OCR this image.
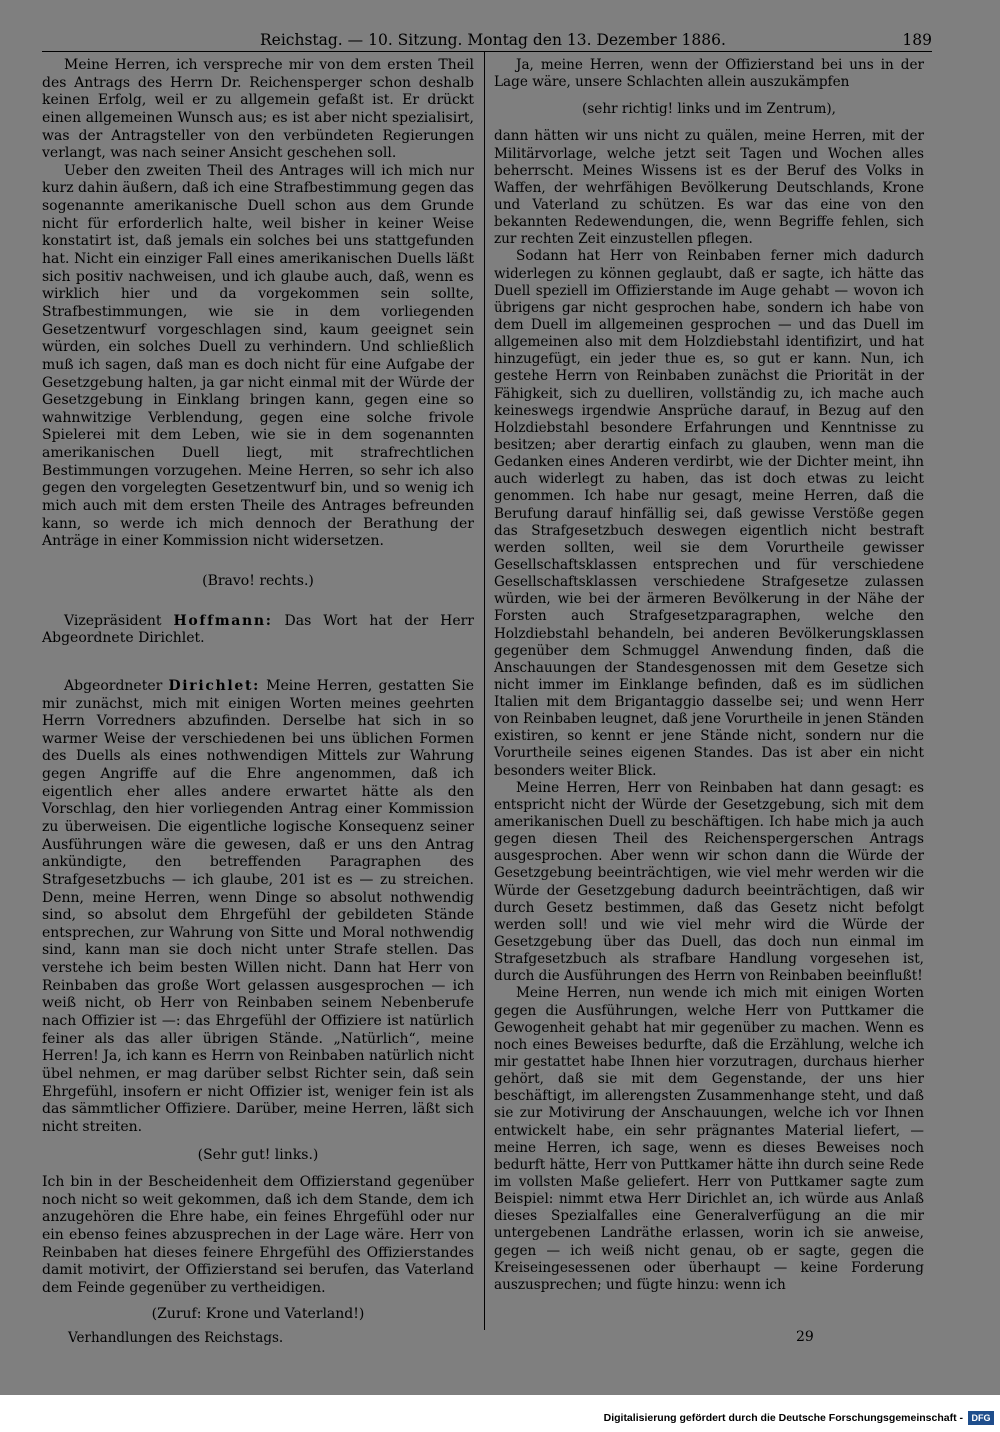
Reichstag. — 10. Sitzung. Montag den 13. Dezember 1886.	189

Meine Herren, ich verspreche mir von dem ersten Theil des Antrags des Herrn Dr. Reichensperger schon deshalb keinen Erfolg, weil er zu allgemein gefaßt ist. Er drückt einen allgemeinen Wunsch aus; es ist aber nicht spezialisirt, was der Antragsteller von den verbündeten Regierungen verlangt, was nach seiner Ansicht geschehen soll.

Ueber den zweiten Theil des Antrages will ich mich nur kurz dahin äußern, daß ich eine Strafbestimmung gegen das sogenannte amerikanische Duell schon aus dem Grunde nicht für erforderlich halte, weil bisher in keiner Weise konstatirt ist, daß jemals ein solches bei uns stattgefunden hat. Nicht ein einziger Fall eines amerikanischen Duells läßt sich positiv nachweisen, und ich glaube auch, daß, wenn es wirklich hier und da vorgekommen sein sollte, Strafbestimmungen, wie sie in dem vorliegenden Gesetzentwurf vorgeschlagen sind, kaum geeignet sein würden, ein solches Duell zu verhindern. Und schließlich muß ich sagen, daß man es doch nicht für eine Aufgabe der Gesetzgebung halten, ja gar nicht einmal mit der Würde der Gesetzgebung in Einklang bringen kann, gegen eine so wahnwitzige Verblendung, gegen eine solche frivole Spielerei mit dem Leben, wie sie in dem sogenannten amerikanischen Duell liegt, mit strafrechtlichen Bestimmungen vorzugehen. Meine Herren, so sehr ich also gegen den vorgelegten Gesetzentwurf bin, und so wenig ich mich auch mit dem ersten Theile des Antrages befreunden kann, so werde ich mich dennoch der Berathung der Anträge in einer Kommission nicht widersetzen.

(Bravo! rechts.)

Vizepräsident Hoffmann: Das Wort hat der Herr Abgeordnete Dirichlet.

Abgeordneter Dirichlet: Meine Herren, gestatten Sie mir zunächst, mich mit einigen Worten meines geehrten Herrn Vorredners abzufinden. Derselbe hat sich in so warmer Weise der verschiedenen bei uns üblichen Formen des Duells als eines nothwendigen Mittels zur Wahrung gegen Angriffe auf die Ehre angenommen, daß ich eigentlich eher alles andere erwartet hätte als den Vorschlag, den hier vorliegenden Antrag einer Kommission zu überweisen. Die eigentliche logische Konsequenz seiner Ausführungen wäre die gewesen, daß er uns den Antrag ankündigte, den betreffenden Paragraphen des Strafgesetzbuchs — ich glaube, 201 ist es — zu streichen. Denn, meine Herren, wenn Dinge so absolut nothwendig sind, so absolut dem Ehrgefühl der gebildeten Stände entsprechen, zur Wahrung von Sitte und Moral nothwendig sind, kann man sie doch nicht unter Strafe stellen. Das verstehe ich beim besten Willen nicht. Dann hat Herr von Reinbaben das große Wort gelassen ausgesprochen — ich weiß nicht, ob Herr von Reinbaben seinem Nebenberufe nach Offizier ist —: das Ehrgefühl der Offiziere ist natürlich feiner als das aller übrigen Stände. „Natürlich“, meine Herren! Ja, ich kann es Herrn von Reinbaben natürlich nicht übel nehmen, er mag darüber selbst Richter sein, daß sein Ehrgefühl, insofern er nicht Offizier ist, weniger fein ist als das sämmtlicher Offiziere. Darüber, meine Herren, läßt sich nicht streiten.

(Sehr gut! links.)

Ich bin in der Bescheidenheit dem Offizierstand gegenüber noch nicht so weit gekommen, daß ich dem Stande, dem ich anzugehören die Ehre habe, ein feines Ehrgefühl oder nur ein ebenso feines abzusprechen in der Lage wäre. Herr von Reinbaben hat dieses feinere Ehrgefühl des Offizierstandes damit motivirt, der Offizierstand sei berufen, das Vaterland dem Feinde gegenüber zu vertheidigen.

(Zuruf: Krone und Vaterland!)

Ja, meine Herren, wenn der Offizierstand bei uns in der Lage wäre, unsere Schlachten allein auszukämpfen

(sehr richtig! links und im Zentrum),

dann hätten wir uns nicht zu quälen, meine Herren, mit der Militärvorlage, welche jetzt seit Tagen und Wochen alles beherrscht. Meines Wissens ist es der Beruf des Volks in Waffen, der wehrfähigen Bevölkerung Deutschlands, Krone und Vaterland zu schützen. Es war das eine von den bekannten Redewendungen, die, wenn Begriffe fehlen, sich zur rechten Zeit einzustellen pflegen.

Sodann hat Herr von Reinbaben ferner mich dadurch widerlegen zu können geglaubt, daß er sagte, ich hätte das Duell speziell im Offizierstande im Auge gehabt — wovon ich übrigens gar nicht gesprochen habe, sondern ich habe von dem Duell im allgemeinen gesprochen — und das Duell im allgemeinen also mit dem Holzdiebstahl identifizirt, und hat hinzugefügt, ein jeder thue es, so gut er kann. Nun, ich gestehe Herrn von Reinbaben zunächst die Priorität in der Fähigkeit, sich zu duelliren, vollständig zu, ich mache auch keineswegs irgendwie Ansprüche darauf, in Bezug auf den Holzdiebstahl besondere Erfahrungen und Kenntnisse zu besitzen; aber derartig einfach zu glauben, wenn man die Gedanken eines Anderen verdirbt, wie der Dichter meint, ihn auch widerlegt zu haben, das ist doch etwas zu leicht genommen. Ich habe nur gesagt, meine Herren, daß die Berufung darauf hinfällig sei, daß gewisse Verstöße gegen das Strafgesetzbuch deswegen eigentlich nicht bestraft werden sollten, weil sie dem Vorurtheile gewisser Gesellschaftsklassen entsprechen und für verschiedene Gesellschaftsklassen verschiedene Strafgesetze zulassen würden, wie bei der ärmeren Bevölkerung in der Nähe der Forsten auch Strafgesetzparagraphen, welche den Holzdiebstahl behandeln, bei anderen Bevölkerungsklassen gegenüber dem Schmuggel Anwendung finden, daß die Anschauungen der Standesgenossen mit dem Gesetze sich nicht immer im Einklange befinden, daß es im südlichen Italien mit dem Brigantaggio dasselbe sei; und wenn Herr von Reinbaben leugnet, daß jene Vorurtheile in jenen Ständen existiren, so kennt er jene Stände nicht, sondern nur die Vorurtheile seines eigenen Standes. Das ist aber ein nicht besonders weiter Blick.

Meine Herren, Herr von Reinbaben hat dann gesagt: es entspricht nicht der Würde der Gesetzgebung, sich mit dem amerikanischen Duell zu beschäftigen. Ich habe mich ja auch gegen diesen Theil des Reichenspergerschen Antrags ausgesprochen. Aber wenn wir schon dann die Würde der Gesetzgebung beeinträchtigen, wie viel mehr werden wir die Würde der Gesetzgebung dadurch beeinträchtigen, daß wir durch Gesetz bestimmen, daß das Gesetz nicht befolgt werden soll! und wie viel mehr wird die Würde der Gesetzgebung über das Duell, das doch nun einmal im Strafgesetzbuch als strafbare Handlung vorgesehen ist, durch die Ausführungen des Herrn von Reinbaben beeinflußt!

Meine Herren, nun wende ich mich mit einigen Worten gegen die Ausführungen, welche Herr von Puttkamer die Gewogenheit gehabt hat mir gegenüber zu machen. Wenn es noch eines Beweises bedurfte, daß die Erzählung, welche ich mir gestattet habe Ihnen hier vorzutragen, durchaus hierher gehört, daß sie mit dem Gegenstande, der uns hier beschäftigt, im allerengsten Zusammenhange steht, und daß sie zur Motivirung der Anschauungen, welche ich vor Ihnen entwickelt habe, ein sehr prägnantes Material liefert, — meine Herren, ich sage, wenn es dieses Beweises noch bedurft hätte, Herr von Puttkamer hätte ihn durch seine Rede im vollsten Maße geliefert. Herr von Puttkamer sagte zum Beispiel: nimmt etwa Herr Dirichlet an, ich würde aus Anlaß dieses Spezialfalles eine Generalverfügung an die mir untergebenen Landräthe erlassen, worin ich sie anweise, gegen — ich weiß nicht genau, ob er sagte, gegen die Kreiseingesessenen oder überhaupt — keine Forderung auszusprechen; und fügte hinzu: wenn ich

Verhandlungen des Reichstags.	29
Digitalisierung gefördert durch die Deutsche Forschungsgemeinschaft - DFG
